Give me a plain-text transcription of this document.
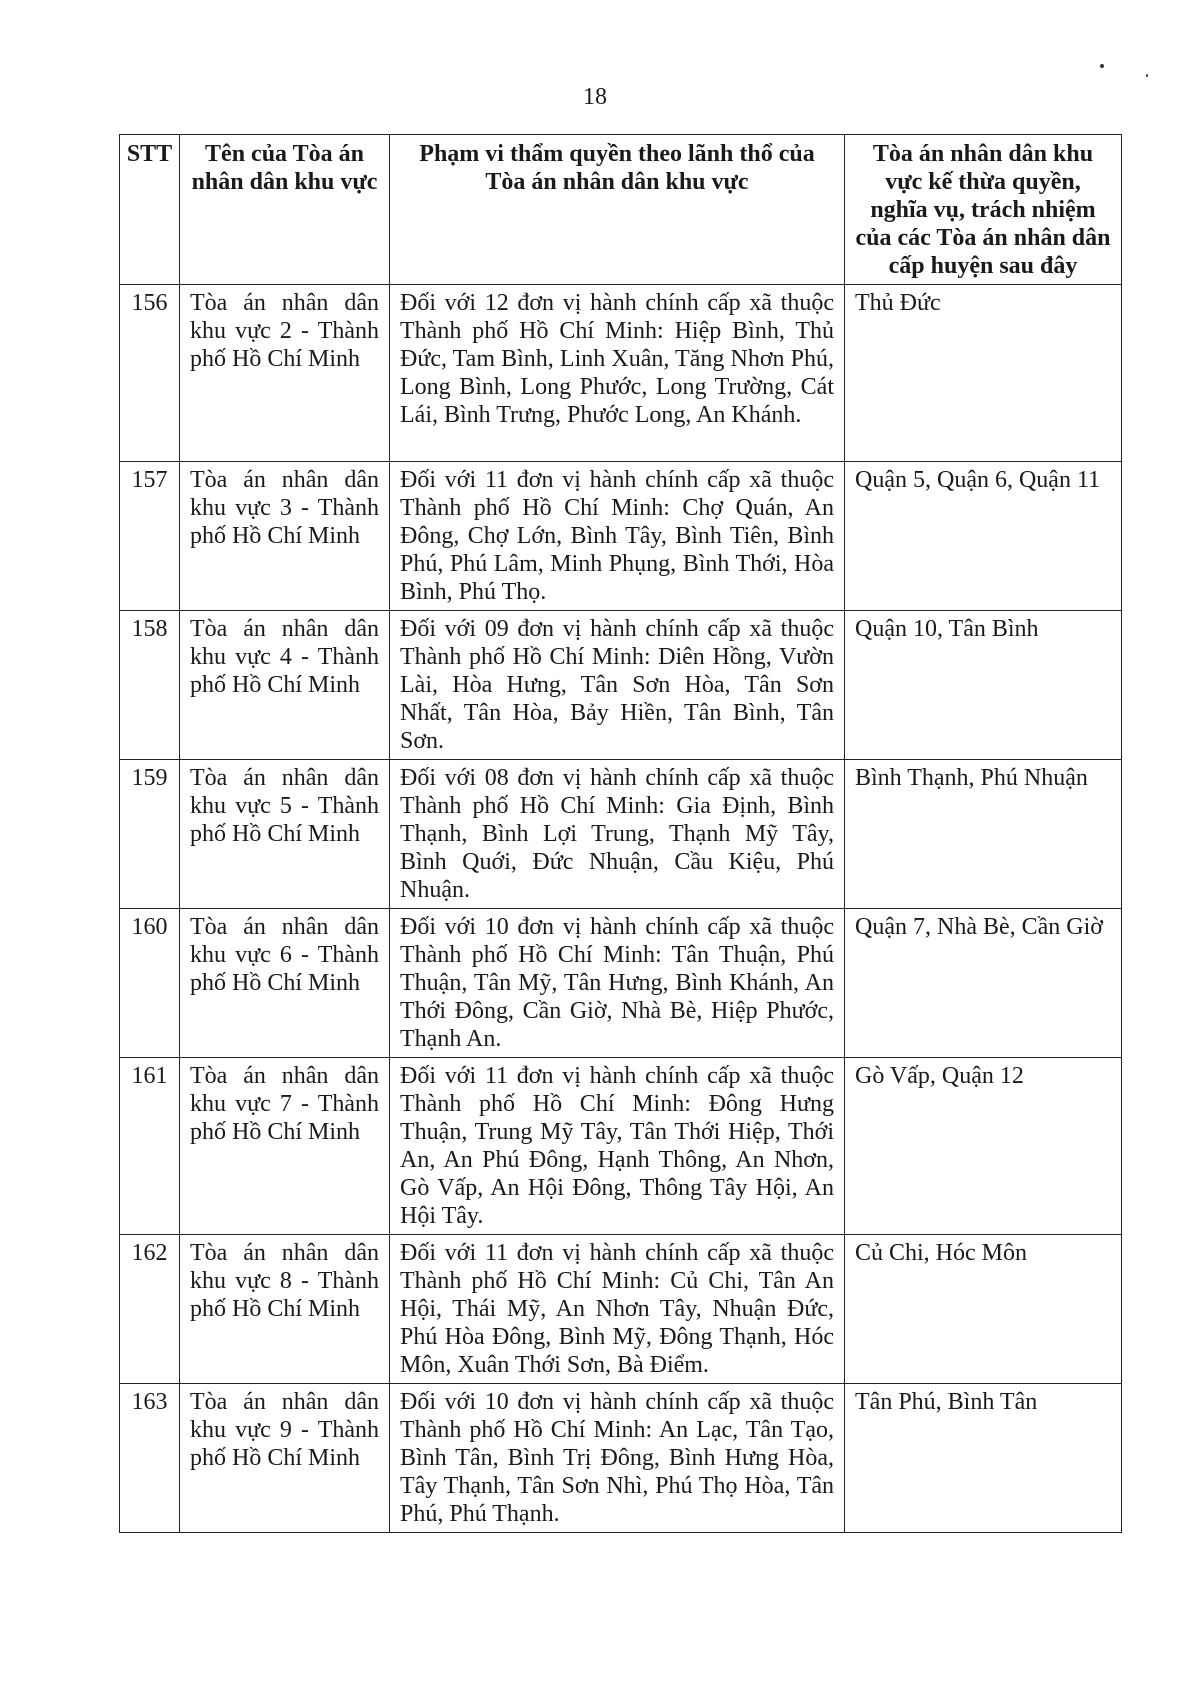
18
STT	Tên của Tòa án nhân dân khu vực	Phạm vi thẩm quyền theo lãnh thổ của Tòa án nhân dân khu vực	Tòa án nhân dân khu vực kế thừa quyền, nghĩa vụ, trách nhiệm của các Tòa án nhân dân cấp huyện sau đây
156	Tòa án nhân dân khu vực 2 - Thành phố Hồ Chí Minh	Đối với 12 đơn vị hành chính cấp xã thuộc Thành phố Hồ Chí Minh: Hiệp Bình, Thủ Đức, Tam Bình, Linh Xuân, Tăng Nhơn Phú, Long Bình, Long Phước, Long Trường, Cát Lái, Bình Trưng, Phước Long, An Khánh.	Thủ Đức
157	Tòa án nhân dân khu vực 3 - Thành phố Hồ Chí Minh	Đối với 11 đơn vị hành chính cấp xã thuộc Thành phố Hồ Chí Minh: Chợ Quán, An Đông, Chợ Lớn, Bình Tây, Bình Tiên, Bình Phú, Phú Lâm, Minh Phụng, Bình Thới, Hòa Bình, Phú Thọ.	Quận 5, Quận 6, Quận 11
158	Tòa án nhân dân khu vực 4 - Thành phố Hồ Chí Minh	Đối với 09 đơn vị hành chính cấp xã thuộc Thành phố Hồ Chí Minh: Diên Hồng, Vườn Lài, Hòa Hưng, Tân Sơn Hòa, Tân Sơn Nhất, Tân Hòa, Bảy Hiền, Tân Bình, Tân Sơn.	Quận 10, Tân Bình
159	Tòa án nhân dân khu vực 5 - Thành phố Hồ Chí Minh	Đối với 08 đơn vị hành chính cấp xã thuộc Thành phố Hồ Chí Minh: Gia Định, Bình Thạnh, Bình Lợi Trung, Thạnh Mỹ Tây, Bình Quới, Đức Nhuận, Cầu Kiệu, Phú Nhuận.	Bình Thạnh, Phú Nhuận
160	Tòa án nhân dân khu vực 6 - Thành phố Hồ Chí Minh	Đối với 10 đơn vị hành chính cấp xã thuộc Thành phố Hồ Chí Minh: Tân Thuận, Phú Thuận, Tân Mỹ, Tân Hưng, Bình Khánh, An Thới Đông, Cần Giờ, Nhà Bè, Hiệp Phước, Thạnh An.	Quận 7, Nhà Bè, Cần Giờ
161	Tòa án nhân dân khu vực 7 - Thành phố Hồ Chí Minh	Đối với 11 đơn vị hành chính cấp xã thuộc Thành phố Hồ Chí Minh: Đông Hưng Thuận, Trung Mỹ Tây, Tân Thới Hiệp, Thới An, An Phú Đông, Hạnh Thông, An Nhơn, Gò Vấp, An Hội Đông, Thông Tây Hội, An Hội Tây.	Gò Vấp, Quận 12
162	Tòa án nhân dân khu vực 8 - Thành phố Hồ Chí Minh	Đối với 11 đơn vị hành chính cấp xã thuộc Thành phố Hồ Chí Minh: Củ Chi, Tân An Hội, Thái Mỹ, An Nhơn Tây, Nhuận Đức, Phú Hòa Đông, Bình Mỹ, Đông Thạnh, Hóc Môn, Xuân Thới Sơn, Bà Điểm.	Củ Chi, Hóc Môn
163	Tòa án nhân dân khu vực 9 - Thành phố Hồ Chí Minh	Đối với 10 đơn vị hành chính cấp xã thuộc Thành phố Hồ Chí Minh: An Lạc, Tân Tạo, Bình Tân, Bình Trị Đông, Bình Hưng Hòa, Tây Thạnh, Tân Sơn Nhì, Phú Thọ Hòa, Tân Phú, Phú Thạnh.	Tân Phú, Bình Tân
